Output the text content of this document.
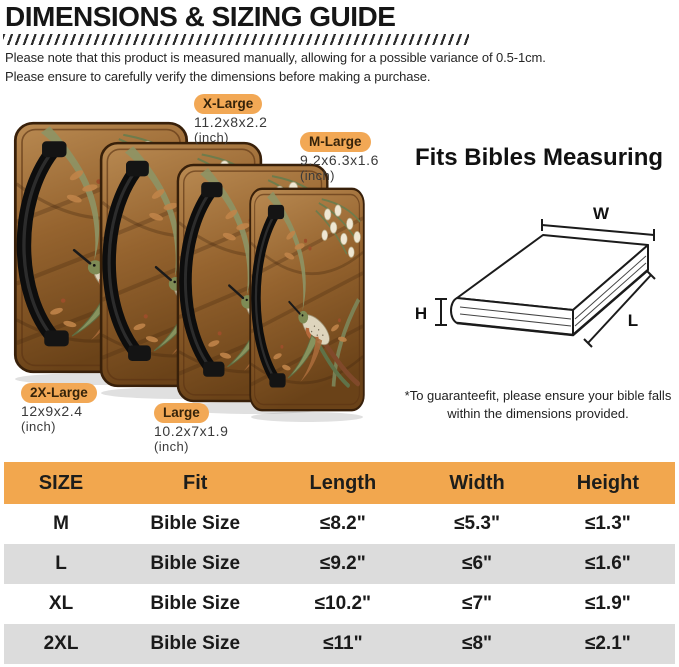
DIMENSIONS & SIZING GUIDE
Please note that this product is measured manually, allowing for a possible variance of 0.5-1cm.
Please ensure to carefully verify the dimensions before making a purchase.
X-Large
11.2x8x2.2
(inch)	M-Large
9.2x6.3x1.6
(inch)
2X-Large
12x9x2.4
(inch)
Large
10.2x7x1.9
(inch)
Fits Bibles Measuring
W
H	L
*To guaranteefit, please ensure your bible falls
within the dimensions provided.
SIZE	Fit	Length	Width	Height
M	Bible Size	≤8.2"	≤5.3"	≤1.3"
L	Bible Size	≤9.2"	≤6"	≤1.6"
XL	Bible Size	≤10.2"	≤7"	≤1.9"
2XL	Bible Size	≤11"	≤8"	≤2.1"
